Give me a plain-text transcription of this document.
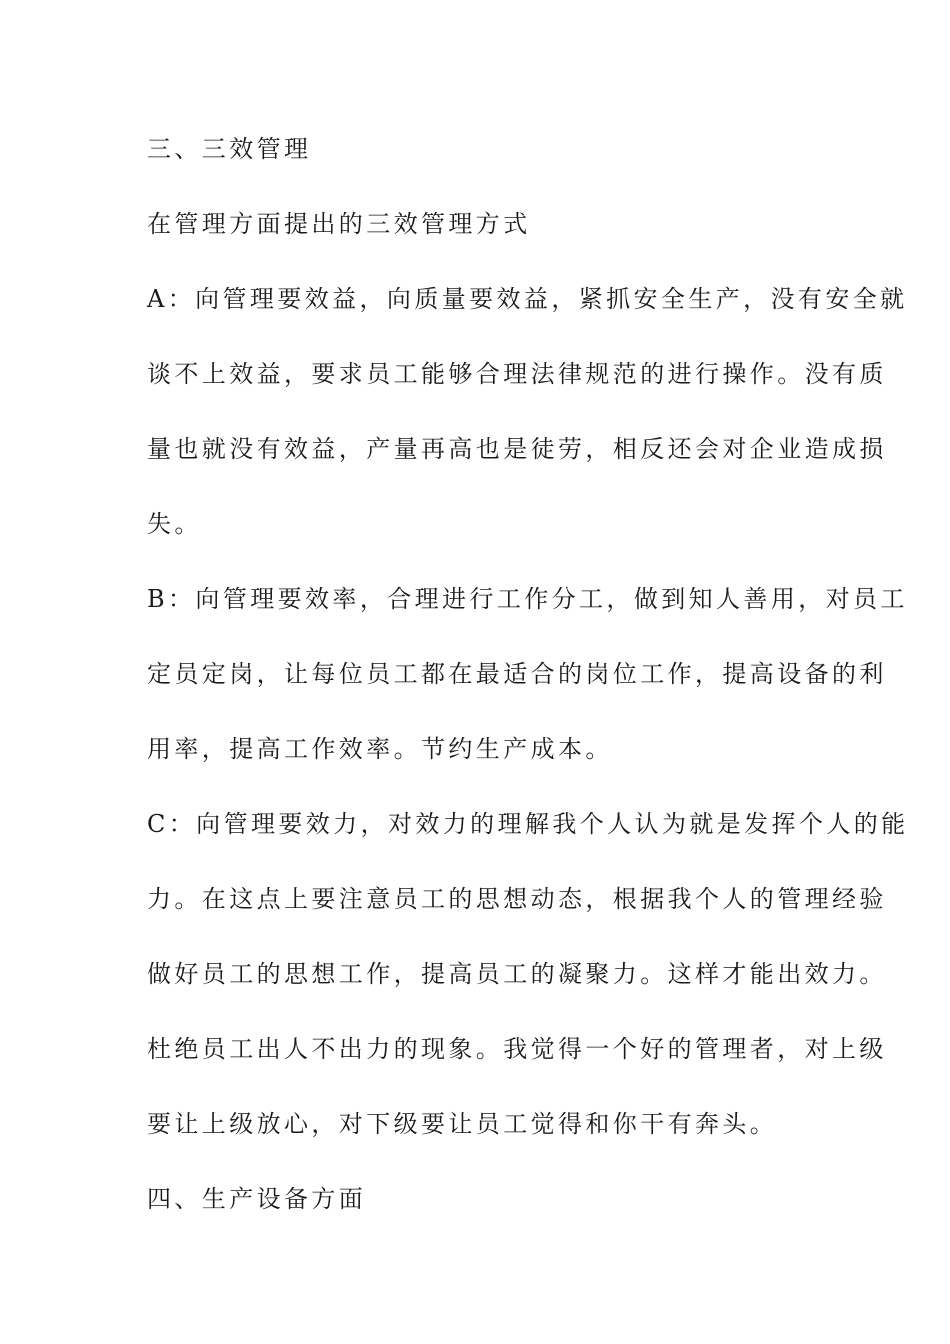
三、三效管理

在管理方面提出的三效管理方式

A：向管理要效益，向质量要效益，紧抓安全生产，没有安全就

谈不上效益，要求员工能够合理法律规范的进行操作。没有质

量也就没有效益，产量再高也是徒劳，相反还会对企业造成损

失。

B：向管理要效率，合理进行工作分工，做到知人善用，对员工

定员定岗，让每位员工都在最适合的岗位工作，提高设备的利

用率，提高工作效率。节约生产成本。

C：向管理要效力，对效力的理解我个人认为就是发挥个人的能

力。在这点上要注意员工的思想动态，根据我个人的管理经验

做好员工的思想工作，提高员工的凝聚力。这样才能出效力。

杜绝员工出人不出力的现象。我觉得一个好的管理者，对上级

要让上级放心，对下级要让员工觉得和你干有奔头。

四、生产设备方面
